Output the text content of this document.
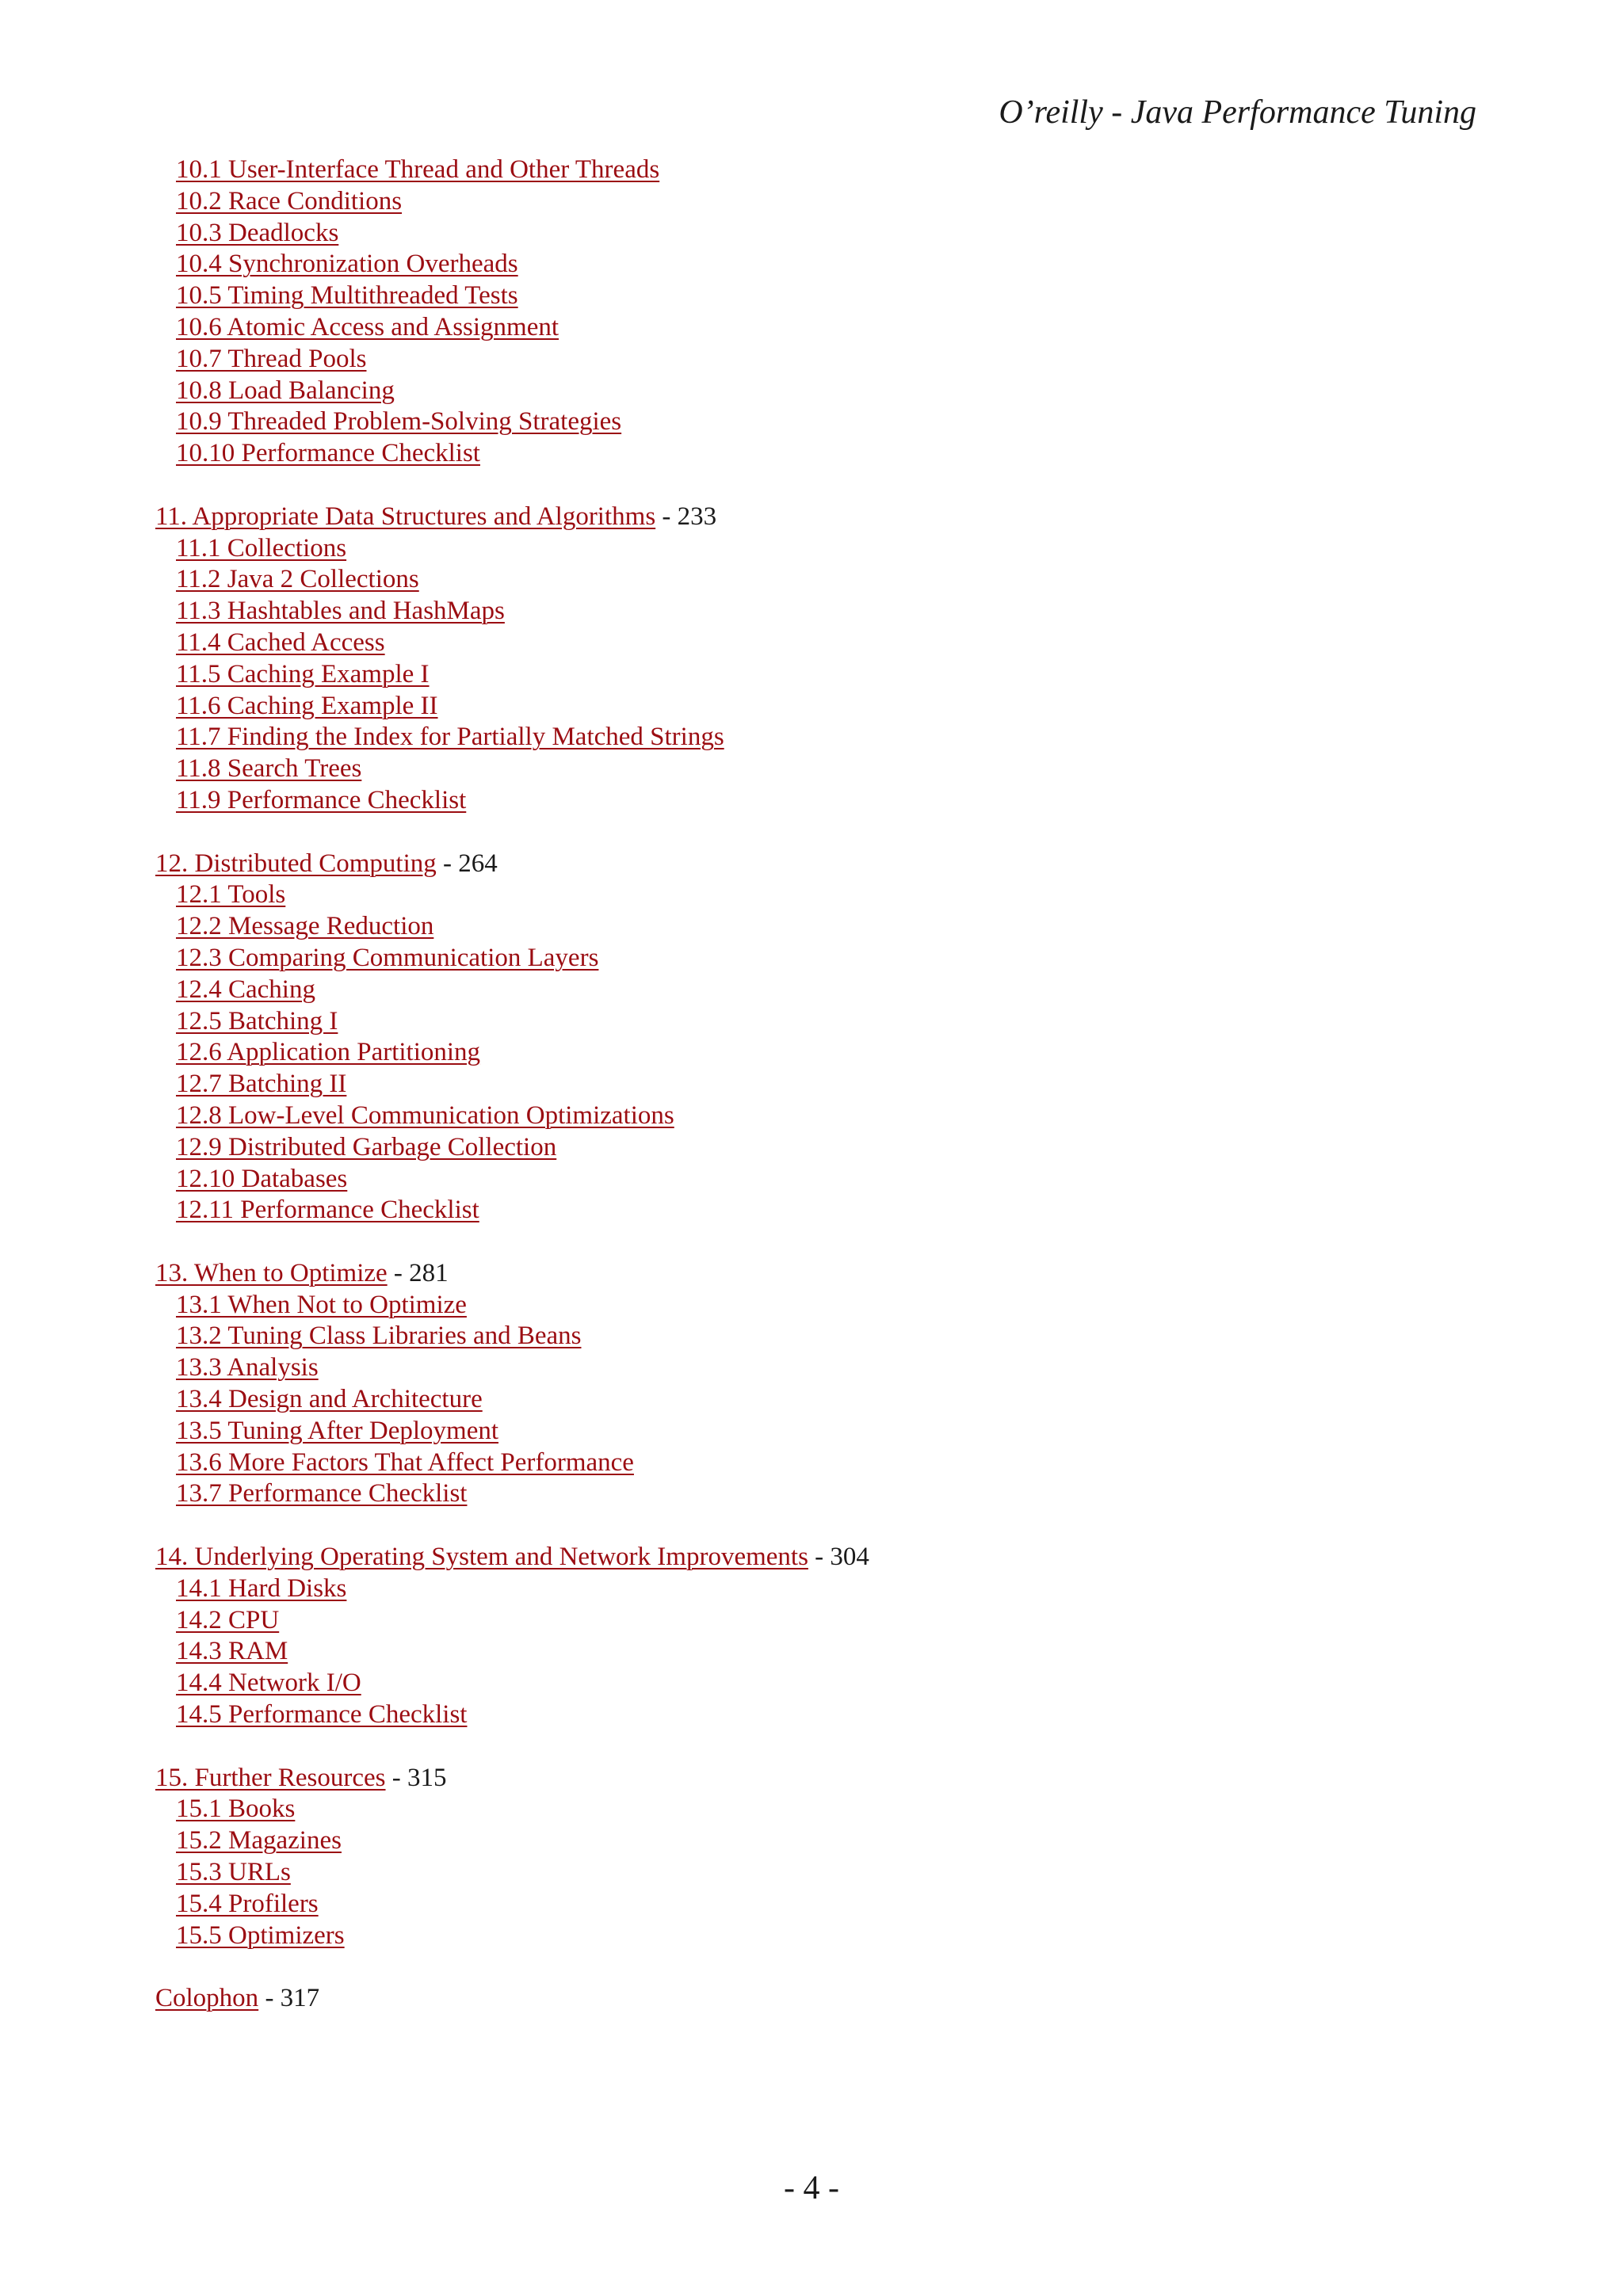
O’reilly - Java Performance Tuning
10.1 User-Interface Thread and Other Threads
10.2 Race Conditions
10.3 Deadlocks
10.4 Synchronization Overheads
10.5 Timing Multithreaded Tests
10.6 Atomic Access and Assignment
10.7 Thread Pools
10.8 Load Balancing
10.9 Threaded Problem-Solving Strategies
10.10 Performance Checklist
11. Appropriate Data Structures and Algorithms - 233
11.1 Collections
11.2 Java 2 Collections
11.3 Hashtables and HashMaps
11.4 Cached Access
11.5 Caching Example I
11.6 Caching Example II
11.7 Finding the Index for Partially Matched Strings
11.8 Search Trees
11.9 Performance Checklist
12. Distributed Computing - 264
12.1 Tools
12.2 Message Reduction
12.3 Comparing Communication Layers
12.4 Caching
12.5 Batching I
12.6 Application Partitioning
12.7 Batching II
12.8 Low-Level Communication Optimizations
12.9 Distributed Garbage Collection
12.10 Databases
12.11 Performance Checklist
13. When to Optimize - 281
13.1 When Not to Optimize
13.2 Tuning Class Libraries and Beans
13.3 Analysis
13.4 Design and Architecture
13.5 Tuning After Deployment
13.6 More Factors That Affect Performance
13.7 Performance Checklist
14. Underlying Operating System and Network Improvements - 304
14.1 Hard Disks
14.2 CPU
14.3 RAM
14.4 Network I/O
14.5 Performance Checklist
15. Further Resources - 315
15.1 Books
15.2 Magazines
15.3 URLs
15.4 Profilers
15.5 Optimizers
Colophon - 317
- 4 -
